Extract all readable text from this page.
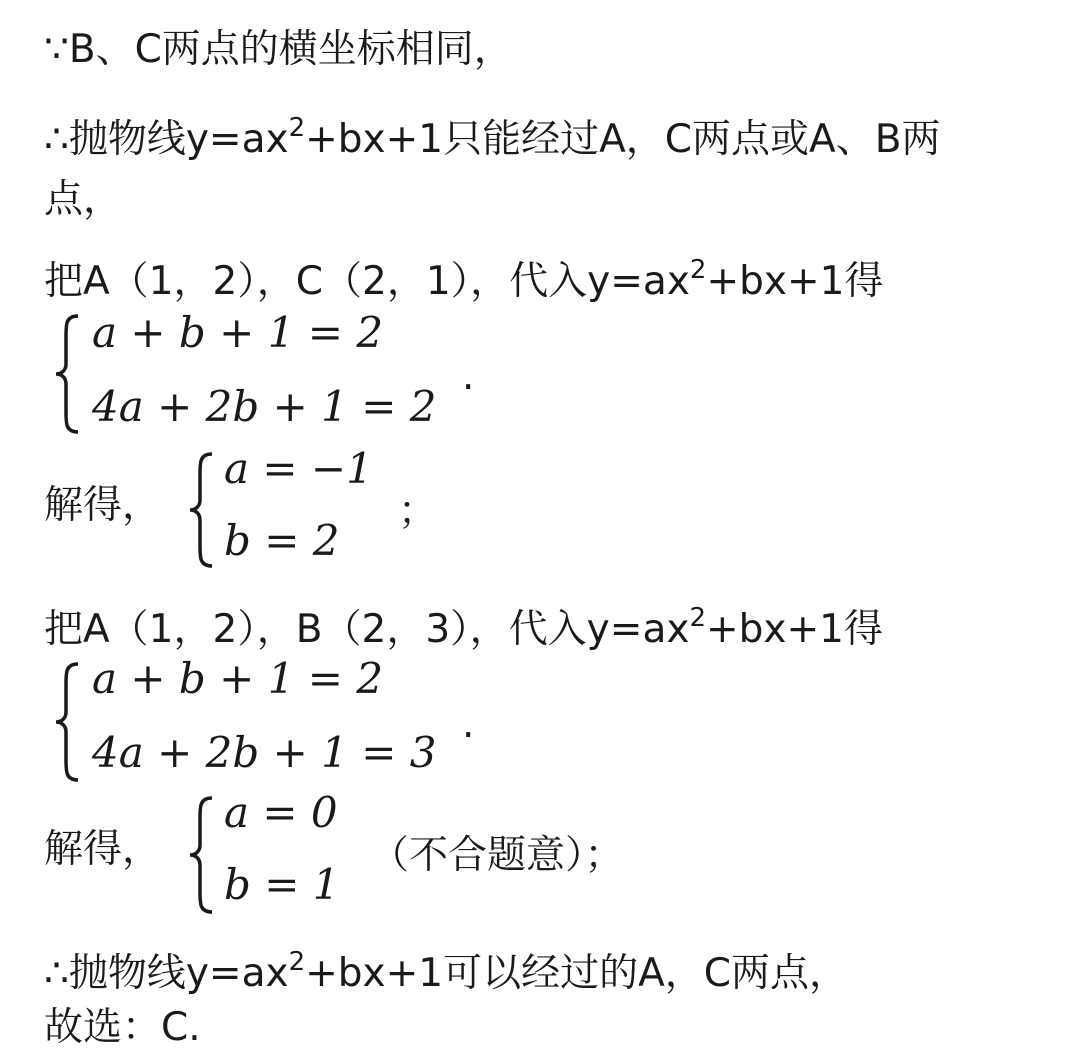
∵B、C两点的横坐标相同，
∴抛物线$y=ax^2+bx+1$只能经过A，C两点或A、B两
点，
把A（1，2），C（2，1），代入$y=ax^2+bx+1$得
a + b + 1 = 2
4a + 2b + 1 = 2
.
解得，
a = −1
b = 2
；
把A（1，2），B（2，3），代入$y=ax^2+bx+1$得
a + b + 1 = 2
4a + 2b + 1 = 3
.
解得，
a = 0
b = 1
（不合题意）；
∴抛物线$y=ax^2+bx+1$可以经过的A，C两点，
故选：C.
